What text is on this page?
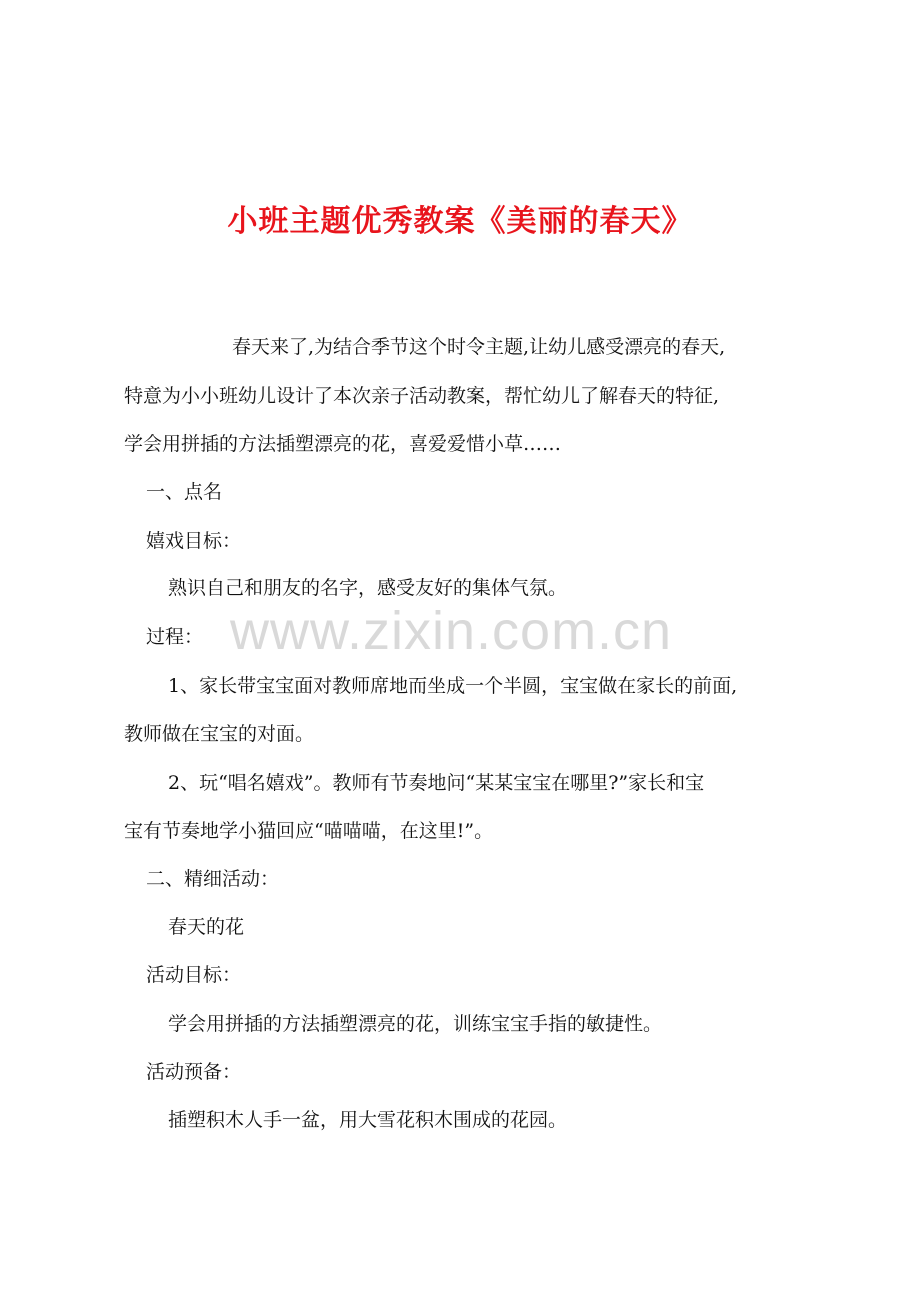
小班主题优秀教案《美丽的春天》
www.zixin.com.cn
春天来了,为结合季节这个时令主题,让幼儿感受漂亮的春天,
特意为小小班幼儿设计了本次亲子活动教案，帮忙幼儿了解春天的特征,
学会用拼插的方法插塑漂亮的花，喜爱爱惜小草……
一、点名
嬉戏目标：
熟识自己和朋友的名字，感受友好的集体气氛。
过程：
1、家长带宝宝面对教师席地而坐成一个半圆，宝宝做在家长的前面,
教师做在宝宝的对面。
2、玩“唱名嬉戏”。教师有节奏地问“某某宝宝在哪里?”家长和宝
宝有节奏地学小猫回应“喵喵喵，在这里!”。
二、精细活动：
春天的花
活动目标：
学会用拼插的方法插塑漂亮的花，训练宝宝手指的敏捷性。
活动预备：
插塑积木人手一盆，用大雪花积木围成的花园。
